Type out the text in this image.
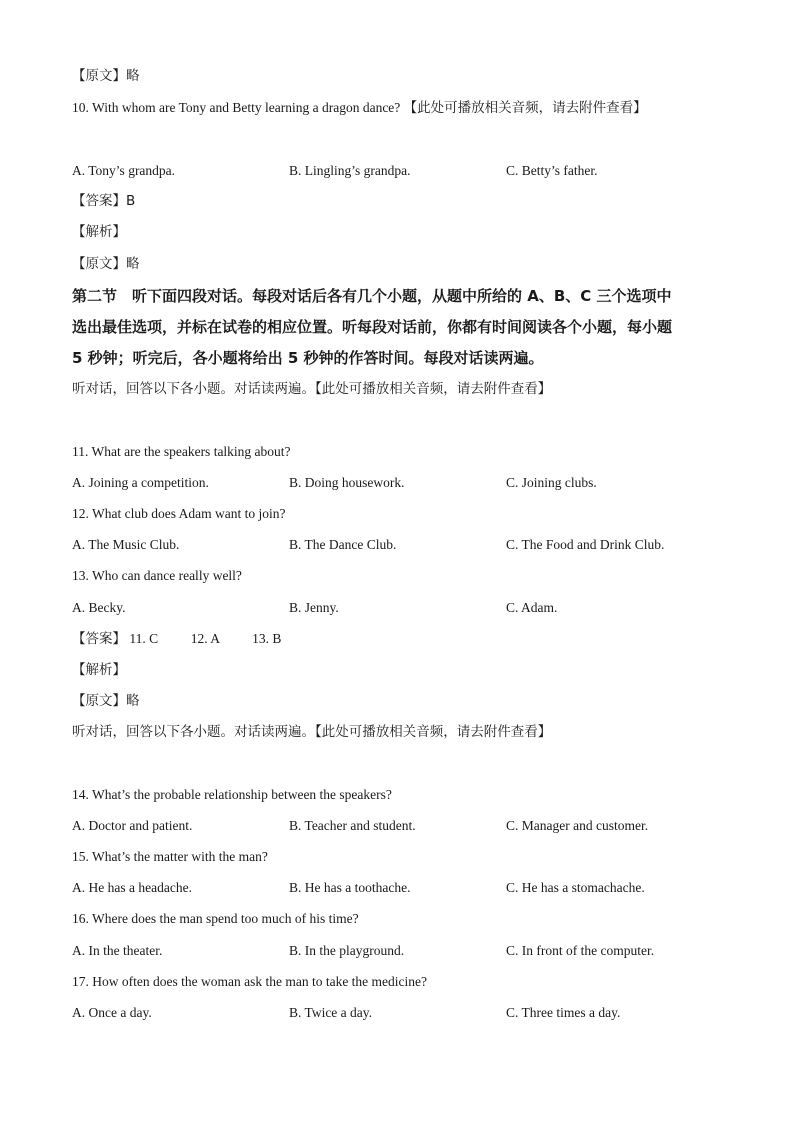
【原文】略
10. With whom are Tony and Betty learning a dragon dance? 【此处可播放相关音频，请去附件查看】
A. Tony’s grandpa.	B. Lingling’s grandpa.	C. Betty’s father.
【答案】B
【解析】
【原文】略
第二节　听下面四段对话。每段对话后各有几个小题，从题中所给的 A、B、C 三个选项中
选出最佳选项，并标在试卷的相应位置。听每段对话前，你都有时间阅读各个小题，每小题
5 秒钟；听完后，各小题将给出 5 秒钟的作答时间。每段对话读两遍。
听对话，回答以下各小题。对话读两遍。【此处可播放相关音频，请去附件查看】
11. What are the speakers talking about?
A. Joining a competition.	B. Doing housework.	C. Joining clubs.
12. What club does Adam want to join?
A. The Music Club.	B. The Dance Club.	C. The Food and Drink Club.
13. Who can dance really well?
A. Becky.	B. Jenny.	C. Adam.
【答案】 11. C 12. A 13. B
【解析】
【原文】略
听对话，回答以下各小题。对话读两遍。【此处可播放相关音频，请去附件查看】
14. What’s the probable relationship between the speakers?
A. Doctor and patient.	B. Teacher and student.	C. Manager and customer.
15. What’s the matter with the man?
A. He has a headache.	B. He has a toothache.	C. He has a stomachache.
16. Where does the man spend too much of his time?
A. In the theater.	B. In the playground.	C. In front of the computer.
17. How often does the woman ask the man to take the medicine?
A. Once a day.	B. Twice a day.	C. Three times a day.
